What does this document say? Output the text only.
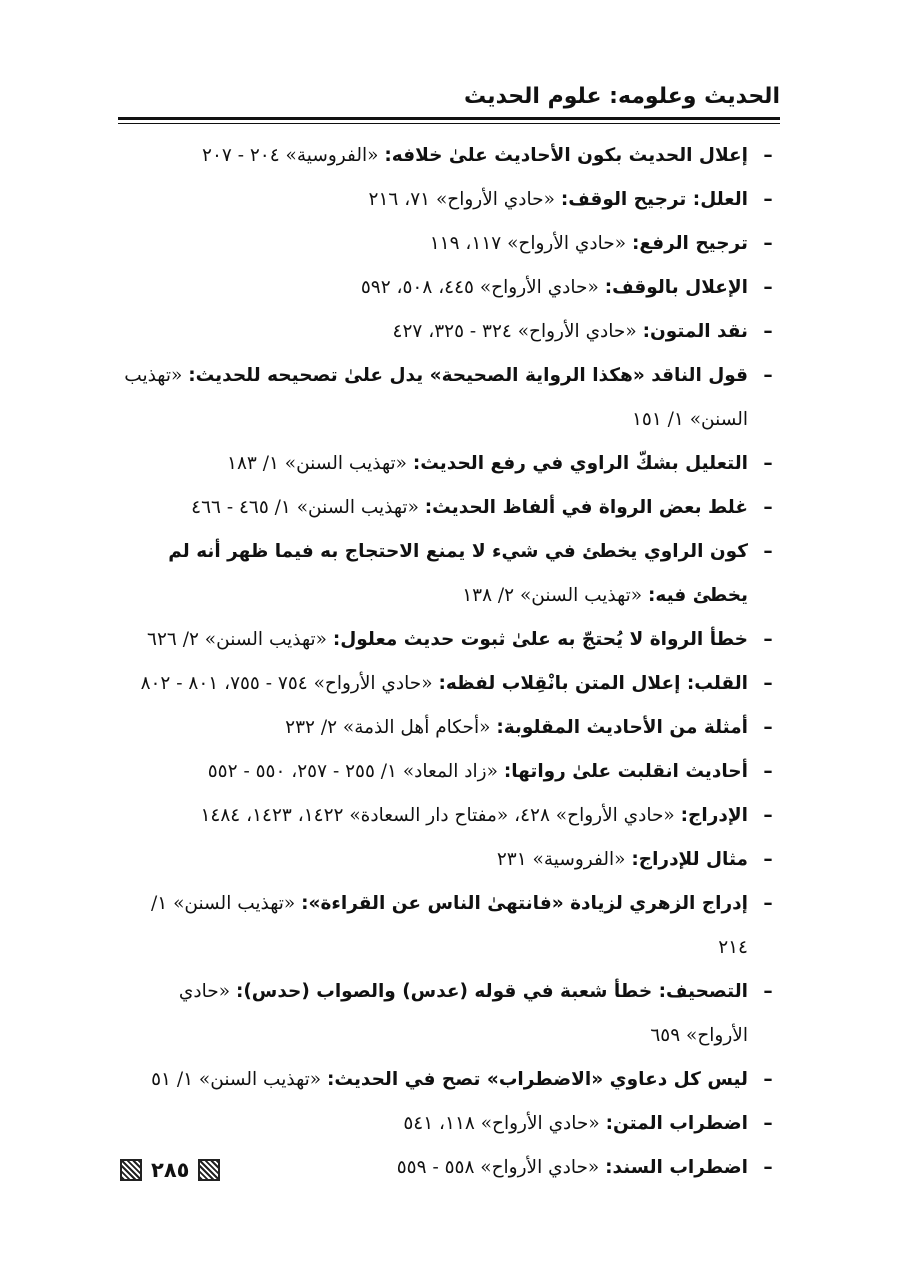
الحديث وعلومه: علوم الحديث
–
إعلال الحديث بكون الأحاديث علىٰ خلافه: «الفروسية» ٢٠٤ - ٢٠٧
–
العلل: ترجيح الوقف: «حادي الأرواح» ٧١، ٢١٦
–
ترجيح الرفع: «حادي الأرواح» ١١٧، ١١٩
–
الإعلال بالوقف: «حادي الأرواح» ٤٤٥، ٥٠٨، ٥٩٢
–
نقد المتون: «حادي الأرواح» ٣٢٤ - ٣٢٥، ٤٢٧
–
قول الناقد «هكذا الرواية الصحيحة» يدل علىٰ تصحيحه للحديث: «تهذيب السنن» ١/ ١٥١
–
التعليل بشكّ الراوي في رفع الحديث: «تهذيب السنن» ١/ ١٨٣
–
غلط بعض الرواة في ألفاظ الحديث: «تهذيب السنن» ١/ ٤٦٥ - ٤٦٦
–
كون الراوي يخطئ في شيء لا يمنع الاحتجاج به فيما ظهر أنه لم يخطئ فيه: «تهذيب السنن» ٢/ ١٣٨
–
خطأ الرواة لا يُحتجّ به علىٰ ثبوت حديث معلول: «تهذيب السنن» ٢/ ٦٢٦
–
القلب: إعلال المتن بانْقِلاب لفظه: «حادي الأرواح» ٧٥٤ - ٧٥٥، ٨٠١ - ٨٠٢
–
أمثلة من الأحاديث المقلوبة: «أحكام أهل الذمة» ٢/ ٢٣٢
–
أحاديث انقلبت علىٰ رواتها: «زاد المعاد» ١/ ٢٥٥ - ٢٥٧، ٥٥٠ - ٥٥٢
–
الإدراج: «حادي الأرواح» ٤٢٨، «مفتاح دار السعادة» ١٤٢٢، ١٤٢٣، ١٤٨٤
–
مثال للإدراج: «الفروسية» ٢٣١
–
إدراج الزهري لزيادة «فانتهىٰ الناس عن القراءة»: «تهذيب السنن» ١/ ٢١٤
–
التصحيف: خطأ شعبة في قوله (عدس) والصواب (حدس): «حادي الأرواح» ٦٥٩
–
ليس كل دعاوي «الاضطراب» تصح في الحديث: «تهذيب السنن» ١/ ٥١
–
اضطراب المتن: «حادي الأرواح» ١١٨، ٥٤١
–
اضطراب السند: «حادي الأرواح» ٥٥٨ - ٥٥٩
٢٨٥
